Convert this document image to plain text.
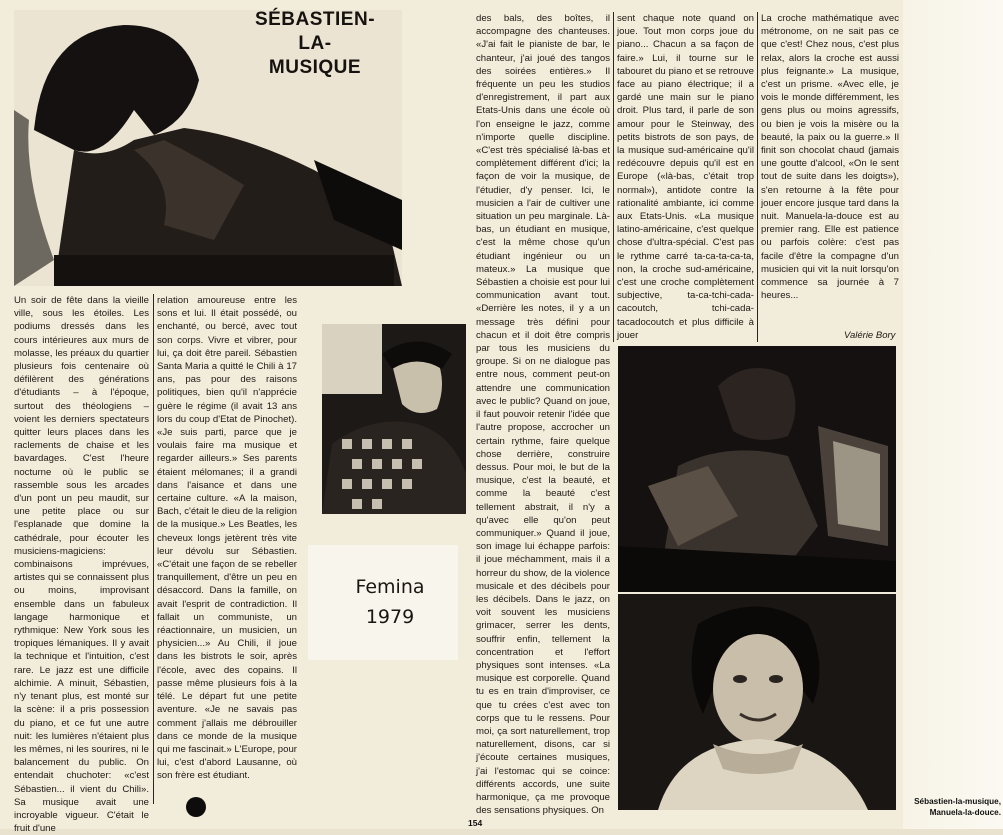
SÉBASTIEN-
LA-
MUSIQUE

Un soir de fête dans la vieille ville, sous les étoiles. Les podiums dressés dans les cours intérieures aux murs de molasse, les préaux du quartier plusieurs fois centenaire où défilèrent des générations d'étudiants – à l'époque, surtout des théologiens – voient les derniers spectateurs quitter leurs places dans les raclements de chaise et les bavardages. C'est l'heure nocturne où le public se rassemble sous les arcades d'un pont un peu maudit, sur une petite place ou sur l'esplanade que domine la cathédrale, pour écouter les musiciens-magiciens: combinaisons imprévues, artistes qui se connaissent plus ou moins, improvisant ensemble dans un fabuleux langage harmonique et rythmique: New York sous les tropiques lémaniques. Il y avait la technique et l'intuition, c'est rare. Le jazz est une difficile alchimie. A minuit, Sébastien, n'y tenant plus, est monté sur la scène: il a pris possession du piano, et ce fut une autre nuit: les lumières n'étaient plus les mêmes, ni les sourires, ni le balancement du public. On entendait chuchoter: «c'est Sébastien... il vient du Chili». Sa musique avait une incroyable vigueur. C'était le fruit d'une

relation amoureuse entre les sons et lui. Il était possédé, ou enchanté, ou bercé, avec tout son corps. Vivre et vibrer, pour lui, ça doit être pareil. Sébastien Santa Maria a quitté le Chili à 17 ans, pas pour des raisons politiques, bien qu'il n'apprécie guère le régime (il avait 13 ans lors du coup d'Etat de Pinochet). «Je suis parti, parce que je voulais faire ma musique et regarder ailleurs.» Ses parents étaient mélomanes; il a grandi dans l'aisance et dans une certaine culture. «A la maison, Bach, c'était le dieu de la religion de la musique.» Les Beatles, les cheveux longs jetèrent très vite leur dévolu sur Sébastien. «C'était une façon de se rebeller tranquillement, d'être un peu en désaccord. Dans la famille, on avait l'esprit de contradiction. Il fallait un communiste, un réactionnaire, un musicien, un physicien...» Au Chili, il joue dans les bistrots le soir, après l'école, avec des copains. Il passe même plusieurs fois à la télé. Le départ fut une petite aventure. «Je ne savais pas comment j'allais me débrouiller dans ce monde de la musique qui me fascinait.» L'Europe, pour lui, c'est d'abord Lausanne, où son frère est étudiant.

Femina
1979

des bals, des boîtes, il accompagne des chanteuses. «J'ai fait le pianiste de bar, le chanteur, j'ai joué des tangos des soirées entières.» Il fréquente un peu les studios d'enregistrement, il part aux Etats-Unis dans une école où l'on enseigne le jazz, comme n'importe quelle discipline. «C'est très spécialisé là-bas et complètement différent d'ici; la façon de voir la musique, de l'étudier, d'y penser. Ici, le musicien a l'air de cultiver une situation un peu marginale. Là-bas, un étudiant en musique, c'est la même chose qu'un étudiant ingénieur ou un mateux.» La musique que Sébastien a choisie est pour lui communication avant tout. «Derrière les notes, il y a un message très défini pour chacun et il doit être compris par tous les musiciens du groupe. Si on ne dialogue pas entre nous, comment peut-on attendre une communication avec le public? Quand on joue, il faut pouvoir retenir l'idée que l'autre propose, accrocher un certain rythme, faire quelque chose derrière, construire dessus. Pour moi, le but de la musique, c'est la beauté, et comme la beauté c'est tellement abstrait, il n'y a qu'avec elle qu'on peut communiquer.» Quand il joue, son image lui échappe parfois: il joue méchamment, mais il a horreur du show, de la violence musicale et des décibels pour les décibels. Dans le jazz, on voit souvent les musiciens grimacer, serrer les dents, souffrir enfin, tellement la concentration et l'effort physiques sont intenses. «La musique est corporelle. Quand tu es en train d'improviser, ce que tu crées c'est avec ton corps que tu le ressens. Pour moi, ça sort naturellement, trop naturellement, disons, car si j'écoute certaines musiques, j'ai l'estomac qui se coince: différents accords, une suite harmonique, ça me provoque des sensations physiques. On

sent chaque note quand on joue. Tout mon corps joue du piano... Chacun a sa façon de faire.» Lui, il tourne sur le tabouret du piano et se retrouve face au piano électrique; il a gardé une main sur le piano droit. Plus tard, il parle de son amour pour le Steinway, des petits bistrots de son pays, de la musique sud-américaine qu'il redécouvre depuis qu'il est en Europe («là-bas, c'était trop normal»), antidote contre la rationalité ambiante, ici comme aux Etats-Unis. «La musique latino-américaine, c'est quelque chose d'ultra-spécial. C'est pas le rythme carré ta-ca-ta-ca-ta, non, la croche sud-américaine, c'est une croche complètement subjective, ta-ca-tchi-cada-cacoutch, tchi-cada-tacadocoutch et plus difficile à jouer

La croche mathématique avec métronome, on ne sait pas ce que c'est! Chez nous, c'est plus relax, alors la croche est aussi plus feignante.» La musique, c'est un prisme. «Avec elle, je vois le monde différemment, les gens plus ou moins agressifs, ou bien je vois la misère ou la beauté, la paix ou la guerre.» Il finit son chocolat chaud (jamais une goutte d'alcool, «On le sent tout de suite dans les doigts»), s'en retourne à la fête pour jouer encore jusque tard dans la nuit. Manuela-la-douce est au premier rang. Elle est patience ou parfois colère: c'est pas facile d'être la compagne d'un musicien qui vit la nuit lorsqu'on commence sa journée à 7 heures...

Valérie Bory
Sébastien-la-musique,
Manuela-la-douce.
154
